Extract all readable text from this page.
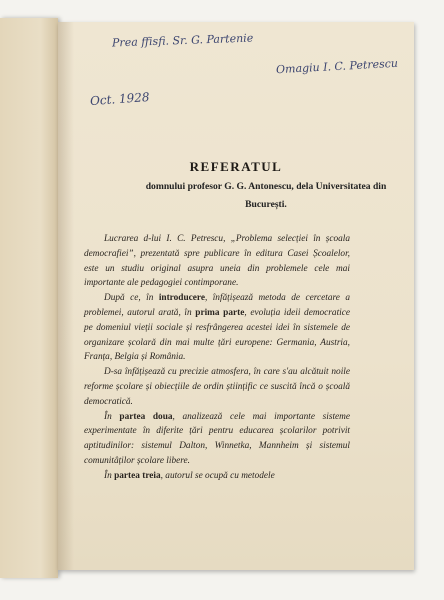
Prea ffisfi. Sr. G. Partenie
Omagiu I. C. Petrescu
Oct. 1928
REFERATUL
domnului profesor G. G. Antonescu, dela Universitatea din București.

Lucrarea d-lui I. C. Petrescu, „Problema selecției în școala democrafiei”, prezentată spre publicare în editura Casei Școalelor, este un studiu original asupra uneia din problemele cele mai importante ale pedagogiei contimporane.

După ce, în introducere, înfățișează metoda de cercetare a problemei, autorul arată, în prima parte, evoluția ideii democratice pe domeniul vieții sociale și resfrângerea acestei idei în sistemele de organizare școlară din mai multe țări europene: Germania, Austria, Franța, Belgia și România.

D-sa înfățișează cu precizie atmosfera, în care s'au alcătuit noile reforme școlare și obiecțiile de ordin științific ce suscită încă o școală democratică.

În partea doua, analizează cele mai importante sisteme experimentate în diferite țări pentru educarea școlarilor potrivit aptitudinilor: sistemul Dalton, Winnetka, Mannheim și sistemul comunitâților școlare libere.

În partea treia, autorul se ocupă cu metodele
